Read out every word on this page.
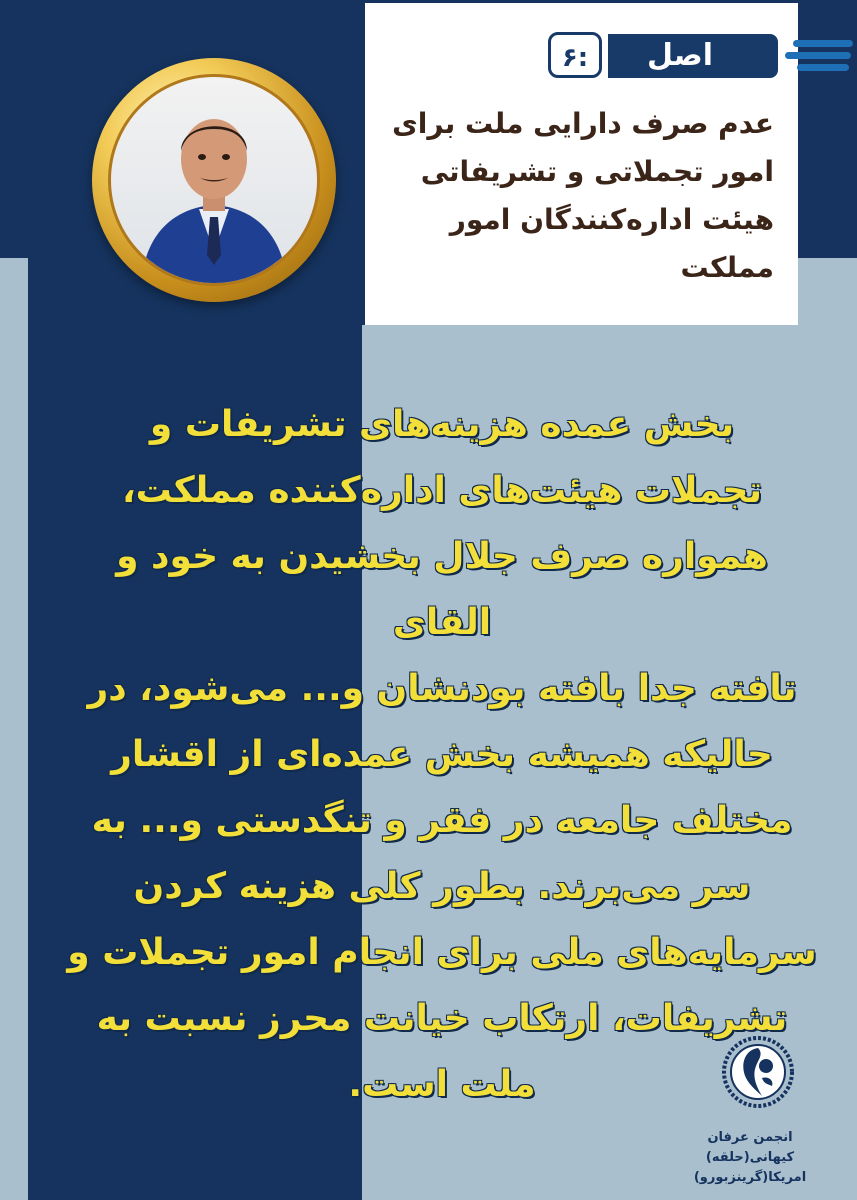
اصل
۶:
عدم صرف دارایی ملت برای
امور تجملاتی و تشریفاتی
هیئت اداره‌کنندگان امور
مملکت
بخش عمده هزینه‌های تشریفات و
تجملات هیئت‌های اداره‌کننده مملکت،
همواره صرف جلال بخشیدن به خود و القای
تافته جدا بافته بودنشان و... می‌شود، در
حالیکه همیشه بخش عمده‌ای از اقشار
مختلف جامعه در فقر و تنگدستی و... به
سر می‌برند. بطور کلی هزینه کردن
سرمایه‌های ملی برای انجام امور تجملات و
تشریفات، ارتکاب خیانت محرز نسبت به
ملت است.
انجمن عرفان کیهانی(حلقه)
امریکا(گرینزبورو)
